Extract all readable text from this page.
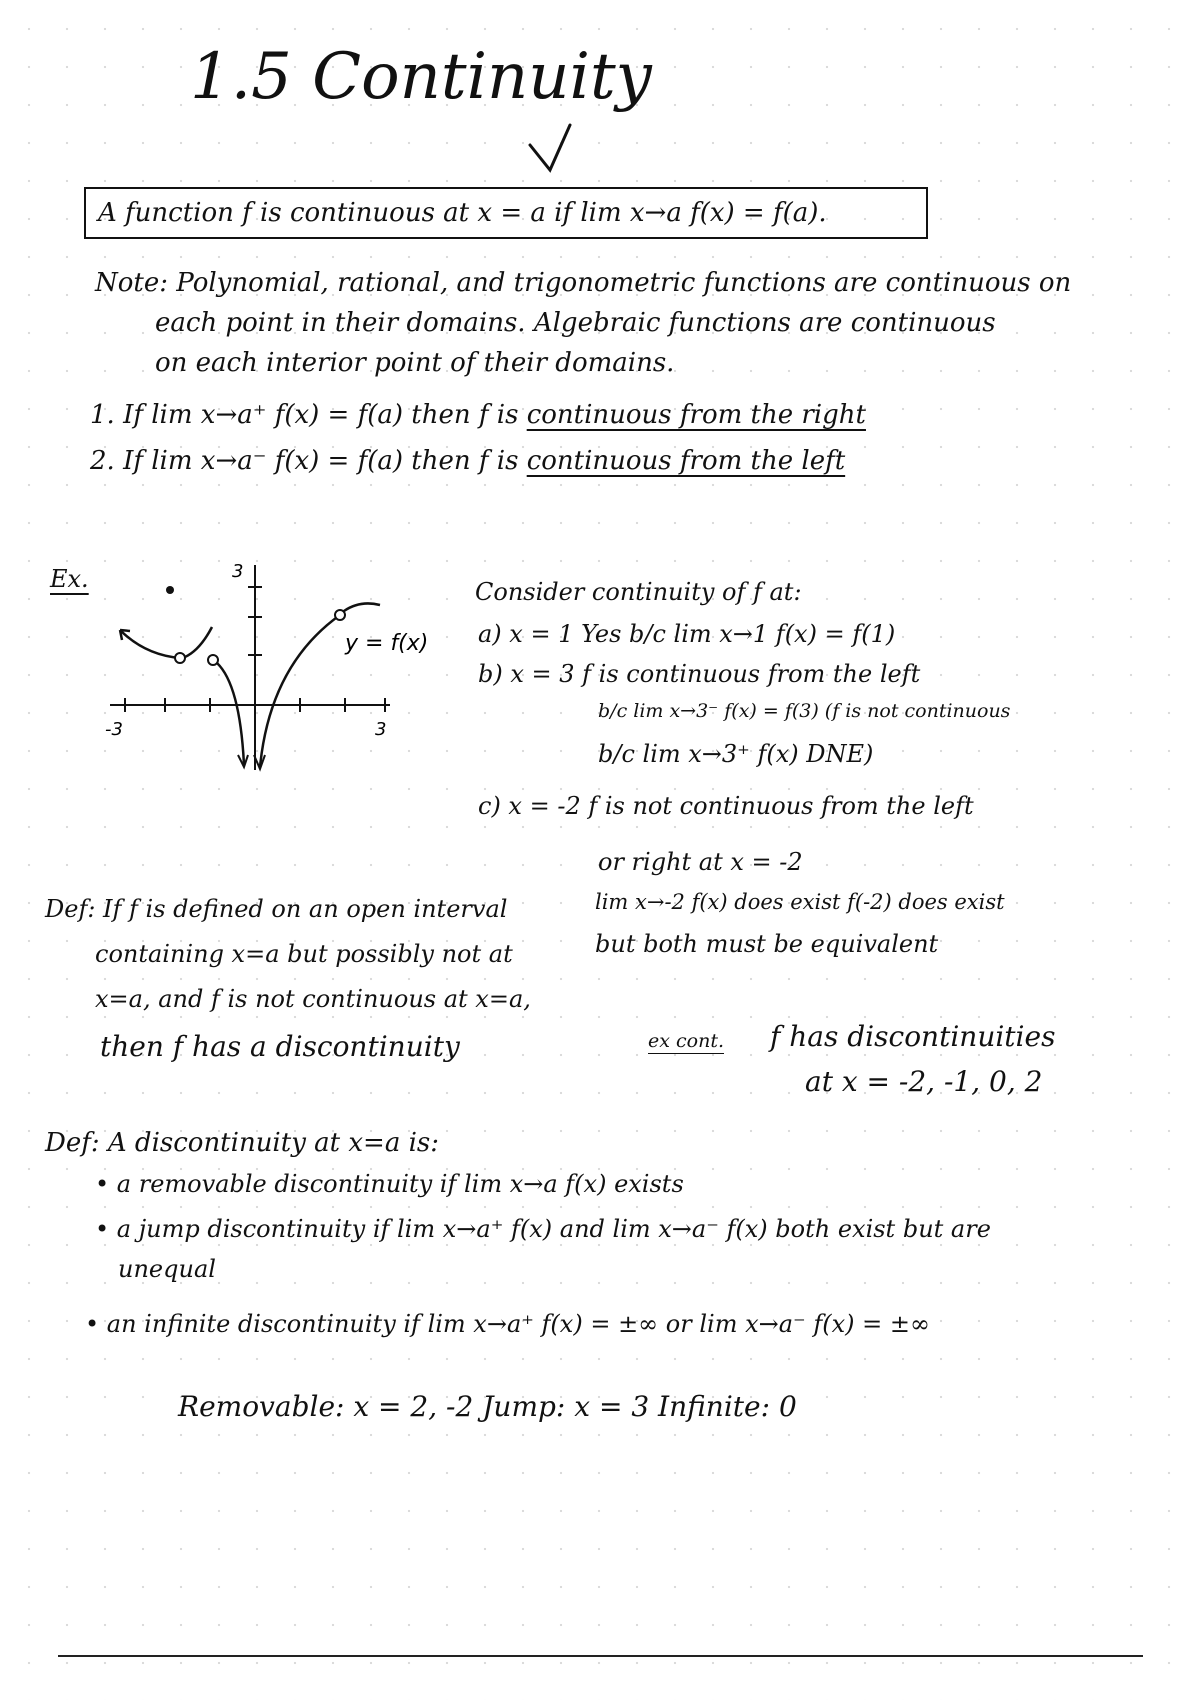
1.5 Continuity
A function f is continuous at x = a if lim x→a f(x) = f(a).
Note: Polynomial, rational, and trigonometric functions are continuous on
each point in their domains. Algebraic functions are continuous
on each interior point of their domains.
1. If lim x→a⁺ f(x) = f(a) then f is continuous from the right
2. If lim x→a⁻ f(x) = f(a) then f is continuous from the left
Ex.
y = f(x)
-3	3
3
Consider continuity of f at:
a) x = 1 Yes b/c lim x→1 f(x) = f(1)
b) x = 3 f is continuous from the left
b/c lim x→3⁻ f(x) = f(3) (f is not continuous
b/c lim x→3⁺ f(x) DNE)
c) x = -2 f is not continuous from the left
or right at x = -2
lim x→-2 f(x) does exist f(-2) does exist
but both must be equivalent
Def: If f is defined on an open interval
containing x=a but possibly not at
x=a, and f is not continuous at x=a,
then f has a discontinuity	ex cont. f has discontinuities
at x = -2, -1, 0, 2
Def: A discontinuity at x=a is:
• a removable discontinuity if lim x→a f(x) exists
• a jump discontinuity if lim x→a⁺ f(x) and lim x→a⁻ f(x) both exist but are
unequal
• an infinite discontinuity if lim x→a⁺ f(x) = ±∞ or lim x→a⁻ f(x) = ±∞
Removable: x = 2, -2 Jump: x = 3 Infinite: 0
